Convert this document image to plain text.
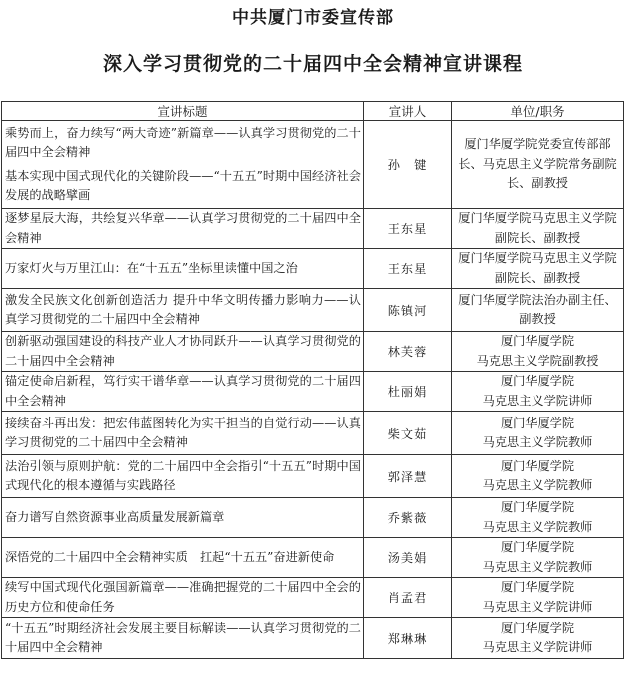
中共厦门市委宣传部
深入学习贯彻党的二十届四中全会精神宣讲课程
宣讲标题	宣讲人	单位/职务

乘势而上，奋力续写“两大奇迹”新篇章——认真学习贯彻党的二十届四中全会精神
基本实现中国式现代化的关键阶段——“十五五”时期中国经济社会发展的战略擘画	孙　键	厦门华厦学院党委宣传部部长、马克思主义学院常务副院长、副教授

逐梦星辰大海，共绘复兴华章——认真学习贯彻党的二十届四中全会精神	王东星	厦门华厦学院马克思主义学院副院长、副教授

万家灯火与万里江山：在“十五五”坐标里读懂中国之治	王东星	厦门华厦学院马克思主义学院副院长、副教授

激发全民族文化创新创造活力 提升中华文明传播力影响力——认真学习贯彻党的二十届四中全会精神	陈镇河	厦门华厦学院法治办副主任、副教授

创新驱动强国建设的科技产业人才协同跃升——认真学习贯彻党的二十届四中全会精神	林芙蓉	厦门华厦学院
马克思主义学院副教授

锚定使命启新程，笃行实干谱华章——认真学习贯彻党的二十届四中全会精神	杜丽娟	厦门华厦学院
马克思主义学院讲师

接续奋斗再出发：把宏伟蓝图转化为实干担当的自觉行动——认真学习贯彻党的二十届四中全会精神	柴文茹	厦门华厦学院
马克思主义学院教师

法治引领与原则护航：党的二十届四中全会指引“十五五”时期中国式现代化的根本遵循与实践路径	郭泽慧	厦门华厦学院
马克思主义学院教师

奋力谱写自然资源事业高质量发展新篇章	乔紫薇	厦门华厦学院
马克思主义学院教师

深悟党的二十届四中全会精神实质　扛起“十五五”奋进新使命	汤美娟	厦门华厦学院
马克思主义学院教师

续写中国式现代化强国新篇章——准确把握党的二十届四中全会的历史方位和使命任务	肖孟君	厦门华厦学院
马克思主义学院讲师

“十五五”时期经济社会发展主要目标解读——认真学习贯彻党的二十届四中全会精神	郑琳琳	厦门华厦学院
马克思主义学院讲师
